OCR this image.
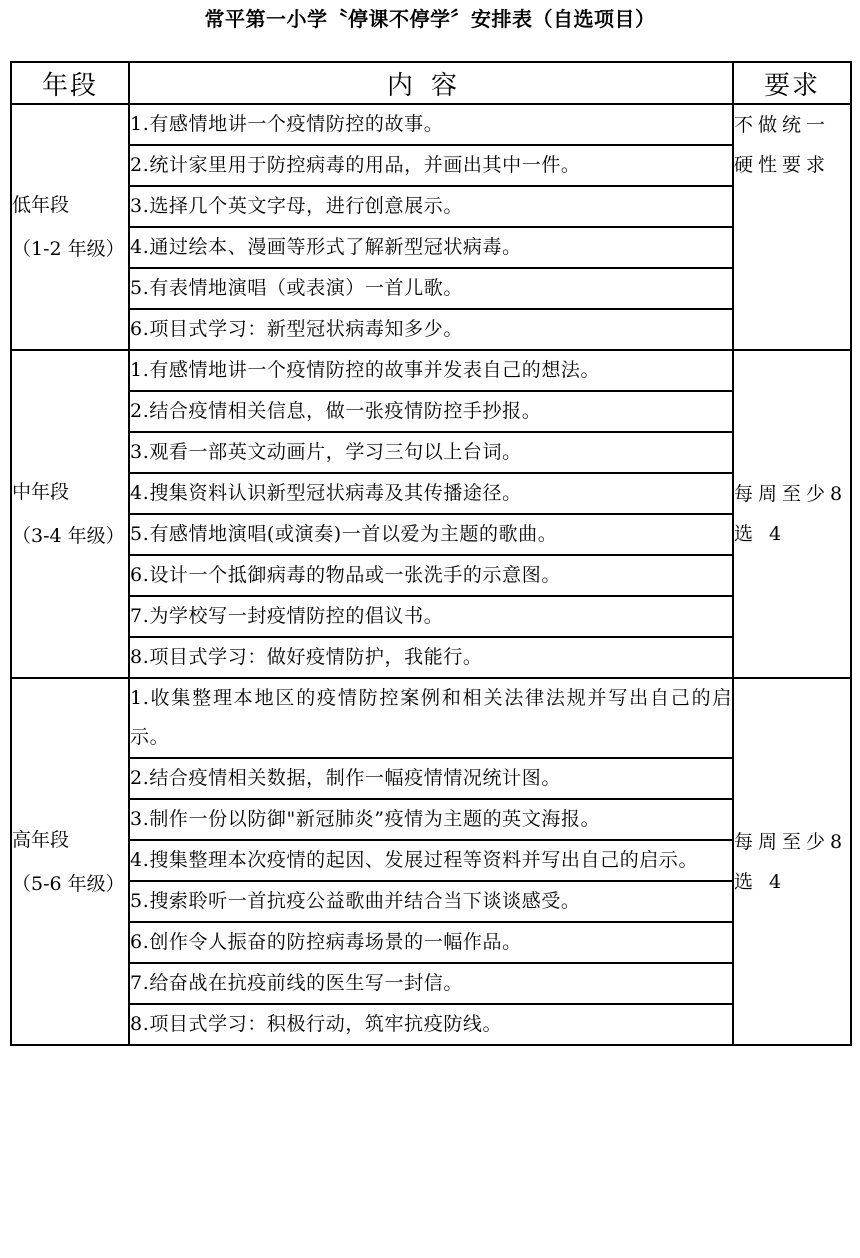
常平第一小学〝停课不停学〞安排表（自选项目）
年段	内容	要求

低年段
（1-2 年级）	1.有感情地讲一个疫情防控的故事。	不做统一硬性要求
	2.统计家里用于防控病毒的用品，并画出其中一件。	
	3.选择几个英文字母，进行创意展示。	
	4.通过绘本、漫画等形式了解新型冠状病毒。	
	5.有表情地演唱（或表演）一首儿歌。	
	6.项目式学习：新型冠状病毒知多少。	

中年段
（3-4 年级）	1.有感情地讲一个疫情防控的故事并发表自己的想法。	每周至少8 选 4
	2.结合疫情相关信息，做一张疫情防控手抄报。	
	3.观看一部英文动画片，学习三句以上台词。	
	4.搜集资料认识新型冠状病毒及其传播途径。	
	5.有感情地演唱(或演奏)一首以爱为主题的歌曲。	
	6.设计一个抵御病毒的物品或一张洗手的示意图。	
	7.为学校写一封疫情防控的倡议书。	
	8.项目式学习：做好疫情防护，我能行。	

高年段
（5-6 年级）	1.收集整理本地区的疫情防控案例和相关法律法规并写出自己的启示。	每周至少8 选 4
	2.结合疫情相关数据，制作一幅疫情情况统计图。	
	3.制作一份以防御"新冠肺炎”疫情为主题的英文海报。	
	4.搜集整理本次疫情的起因、发展过程等资料并写出自己的启示。	
	5.搜索聆听一首抗疫公益歌曲并结合当下谈谈感受。	
	6.创作令人振奋的防控病毒场景的一幅作品。	
	7.给奋战在抗疫前线的医生写一封信。	
	8.项目式学习：积极行动，筑牢抗疫防线。	
